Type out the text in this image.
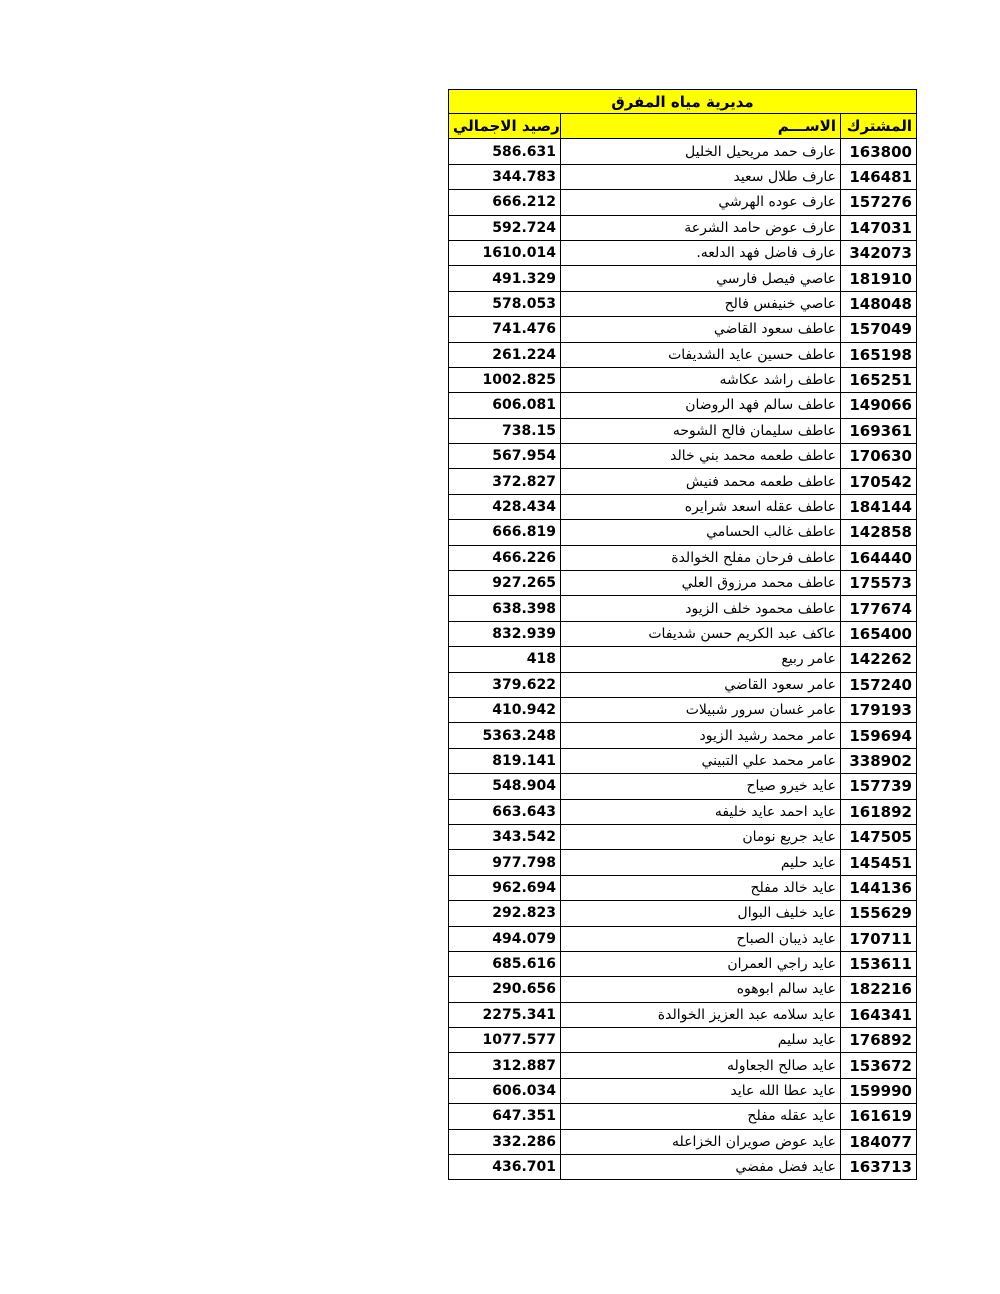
مديرية مياه المفرق		
رصيد الاجمالي	الاســـم	المشترك
586.631	عارف حمد مريحيل الخليل	163800
344.783	عارف طلال سعيد	146481
666.212	عارف عوده الهرشي	157276
592.724	عارف عوض حامد الشرعة	147031
1610.014	عارف فاضل فهد الدلعه.	342073
491.329	عاصي فيصل فارسي	181910
578.053	عاصي خنيفس فالح	148048
741.476	عاطف سعود القاضي	157049
261.224	عاطف حسين عايد الشديفات	165198
1002.825	عاطف راشد عكاشه	165251
606.081	عاطف سالم فهد الروضان	149066
738.15	عاطف سليمان فالح الشوحه	169361
567.954	عاطف طعمه محمد بني خالد	170630
372.827	عاطف طعمه محمد فنيش	170542
428.434	عاطف عقله اسعد شرايره	184144
666.819	عاطف غالب الحسامي	142858
466.226	عاطف فرحان مفلح الخوالدة	164440
927.265	عاطف محمد مرزوق العلي	175573
638.398	عاطف محمود خلف الزيود	177674
832.939	عاكف عبد الكريم حسن شديفات	165400
418	عامر ربيع	142262
379.622	عامر سعود القاضي	157240
410.942	عامر غسان سرور شبيلات	179193
5363.248	عامر محمد رشيد الزيود	159694
819.141	عامر محمد علي التبيني	338902
548.904	عايد خيرو صياح	157739
663.643	عايد احمد عايد خليفه	161892
343.542	عايد جريع نومان	147505
977.798	عايد حليم	145451
962.694	عايد خالد مفلح	144136
292.823	عايد خليف البوال	155629
494.079	عايد ذيبان الصباح	170711
685.616	عايد راجي العمران	153611
290.656	عايد سالم ابوهوه	182216
2275.341	عايد سلامه عبد العزيز الخوالدة	164341
1077.577	عايد سليم	176892
312.887	عايد صالح الجعاوله	153672
606.034	عايد عطا الله عايد	159990
647.351	عايد عقله مفلح	161619
332.286	عايد عوض صويران الخزاعله	184077
436.701	عايد فضل مفضي	163713
